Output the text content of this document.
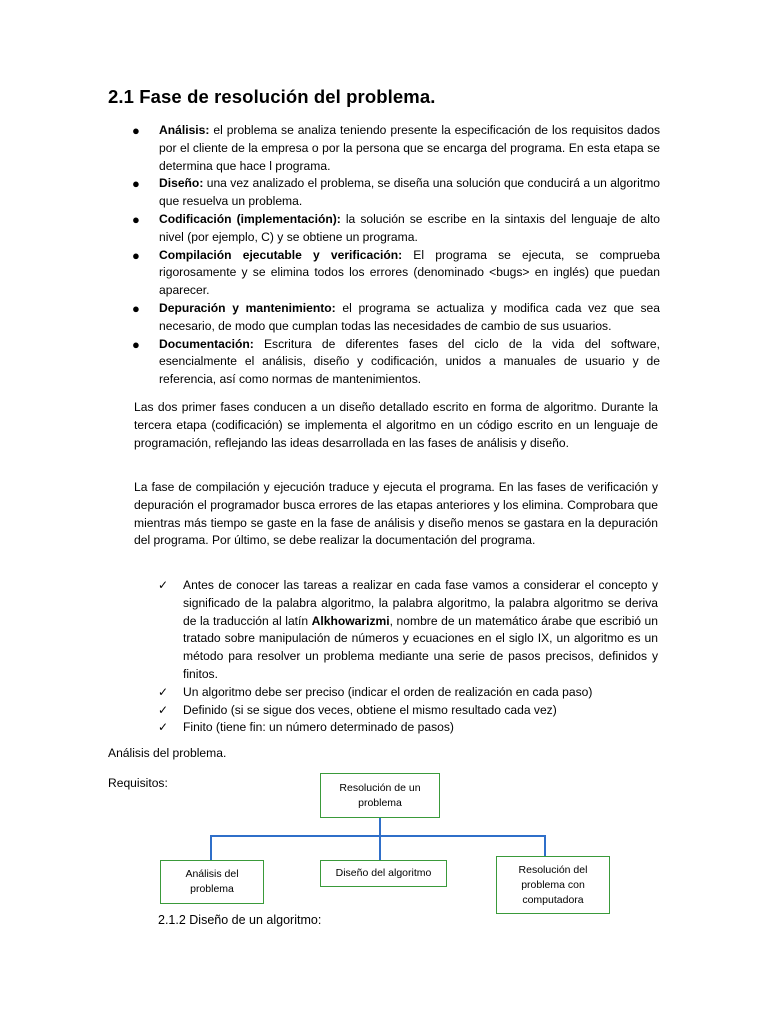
2.1 Fase de resolución del problema.
● Análisis: el problema se analiza teniendo presente la especificación de los requisitos dados por el cliente de la empresa o por la persona que se encarga del programa. En esta etapa se determina que hace l programa.
● Diseño: una vez analizado el problema, se diseña una solución que conducirá a un algoritmo que resuelva un problema.
● Codificación (implementación): la solución se escribe en la sintaxis del lenguaje de alto nivel (por ejemplo, C) y se obtiene un programa.
● Compilación ejecutable y verificación: El programa se ejecuta, se comprueba rigorosamente y se elimina todos los errores (denominado <bugs> en inglés) que puedan aparecer.
● Depuración y mantenimiento: el programa se actualiza y modifica cada vez que sea necesario, de modo que cumplan todas las necesidades de cambio de sus usuarios.
● Documentación: Escritura de diferentes fases del ciclo de la vida del software, esencialmente el análisis, diseño y codificación, unidos a manuales de usuario y de referencia, así como normas de mantenimientos.

Las dos primer fases conducen a un diseño detallado escrito en forma de algoritmo. Durante la tercera etapa (codificación) se implementa el algoritmo en un código escrito en un lenguaje de programación, reflejando las ideas desarrollada en las fases de análisis y diseño.

La fase de compilación y ejecución traduce y ejecuta el programa. En las fases de verificación y depuración el programador busca errores de las etapas anteriores y los elimina. Comprobara que mientras más tiempo se gaste en la fase de análisis y diseño menos se gastara en la depuración del programa. Por último, se debe realizar la documentación del programa.

✓ Antes de conocer las tareas a realizar en cada fase vamos a considerar el concepto y significado de la palabra algoritmo, la palabra algoritmo, la palabra algoritmo se deriva de la traducción al latín Alkhowarizmi, nombre de un matemático árabe que escribió un tratado sobre manipulación de números y ecuaciones en el siglo IX, un algoritmo es un método para resolver un problema mediante una serie de pasos precisos, definidos y finitos.
✓ Un algoritmo debe ser preciso (indicar el orden de realización en cada paso)
✓ Definido (si se sigue dos veces, obtiene el mismo resultado cada vez)
✓ Finito (tiene fin: un número determinado de pasos)

Análisis del problema.

Requisitos:	Resolución de un problema
Análisis del problema
Diseño del algoritmo	Resolución del problema con computadora

2.1.2 Diseño de un algoritmo:
